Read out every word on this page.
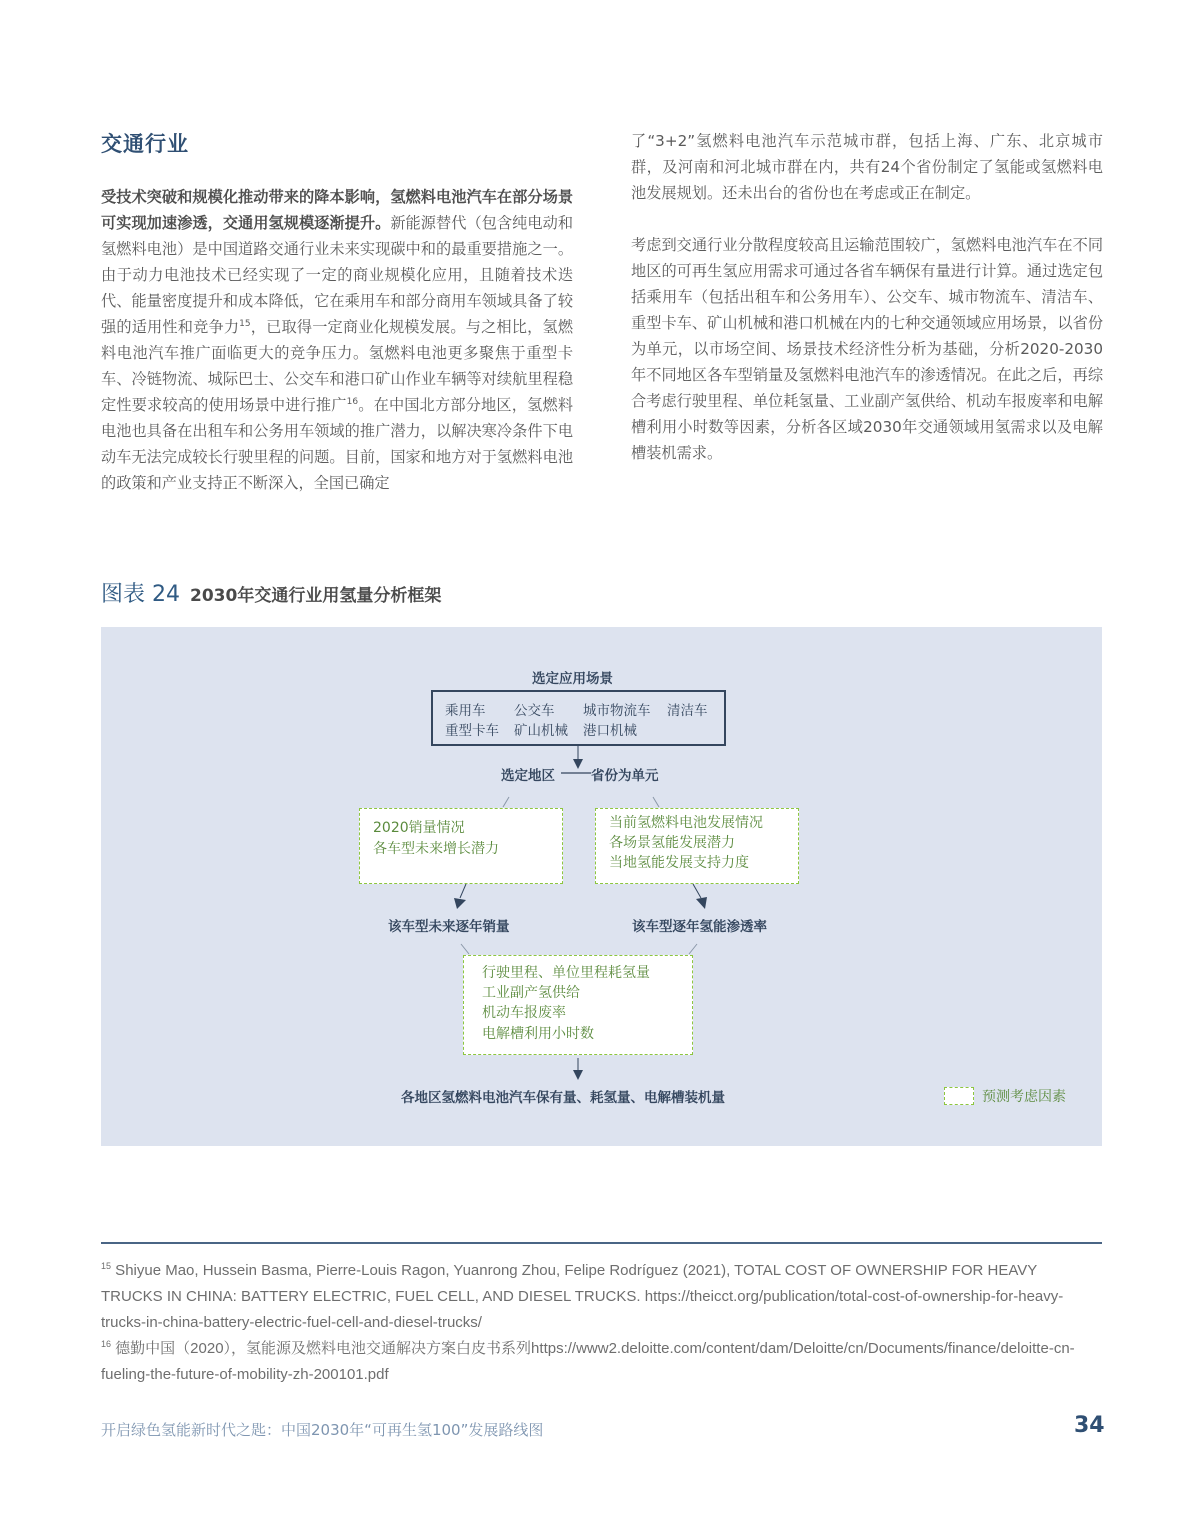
交通行业

受技术突破和规模化推动带来的降本影响，氢燃料电池汽车在部分场景可实现加速渗透，交通用氢规模逐渐提升。新能源替代（包含纯电动和氢燃料电池）是中国道路交通行业未来实现碳中和的最重要措施之一。由于动力电池技术已经实现了一定的商业规模化应用，且随着技术迭代、能量密度提升和成本降低，它在乘用车和部分商用车领域具备了较强的适用性和竞争力$^{15}$，已取得一定商业化规模发展。与之相比，氢燃料电池汽车推广面临更大的竞争压力。氢燃料电池更多聚焦于重型卡车、冷链物流、城际巴士、公交车和港口矿山作业车辆等对续航里程稳定性要求较高的使用场景中进行推广$^{16}$。在中国北方部分地区，氢燃料电池也具备在出租车和公务用车领域的推广潜力，以解决寒冷条件下电动车无法完成较长行驶里程的问题。目前，国家和地方对于氢燃料电池的政策和产业支持正不断深入，全国已确定

了“3+2”氢燃料电池汽车示范城市群，包括上海、广东、北京城市群，及河南和河北城市群在内，共有24个省份制定了氢能或氢燃料电池发展规划。还未出台的省份也在考虑或正在制定。

考虑到交通行业分散程度较高且运输范围较广，氢燃料电池汽车在不同地区的可再生氢应用需求可通过各省车辆保有量进行计算。通过选定包括乘用车（包括出租车和公务用车）、公交车、城市物流车、清洁车、重型卡车、矿山机械和港口机械在内的七种交通领域应用场景，以省份为单元，以市场空间、场景技术经济性分析为基础，分析2020-2030年不同地区各车型销量及氢燃料电池汽车的渗透情况。在此之后，再综合考虑行驶里程、单位耗氢量、工业副产氢供给、机动车报废率和电解槽利用小时数等因素，分析各区域2030年交通领域用氢需求以及电解槽装机需求。

图表 24 2030年交通行业用氢量分析框架
选定应用场景
乘用车 公交车 城市物流车 清洁车
重型卡车 矿山机械 港口机械
选定地区	省份为单元
2020销量情况
各车型未来增长潜力
当前氢燃料电池发展情况
各场景氢能发展潜力
当地氢能发展支持力度
该车型未来逐年销量	该车型逐年氢能渗透率
行驶里程、单位里程耗氢量
工业副产氢供给
机动车报废率
电解槽利用小时数
各地区氢燃料电池汽车保有量、耗氢量、电解槽装机量	预测考虑因素

$^{15}$ Shiyue Mao, Hussein Basma, Pierre-Louis Ragon, Yuanrong Zhou, Felipe Rodríguez (2021), TOTAL COST OF OWNERSHIP FOR HEAVY TRUCKS IN CHINA: BATTERY ELECTRIC, FUEL CELL, AND DIESEL TRUCKS. https://theicct.org/publication/total-cost-of-ownership-for-heavy-trucks-in-china-battery-electric-fuel-cell-and-diesel-trucks/

$^{16}$ 德勤中国（2020），氢能源及燃料电池交通解决方案白皮书系列https://www2.deloitte.com/content/dam/Deloitte/cn/Documents/finance/deloitte-cn-fueling-the-future-of-mobility-zh-200101.pdf

开启绿色氢能新时代之匙：中国2030年“可再生氢100”发展路线图	34
